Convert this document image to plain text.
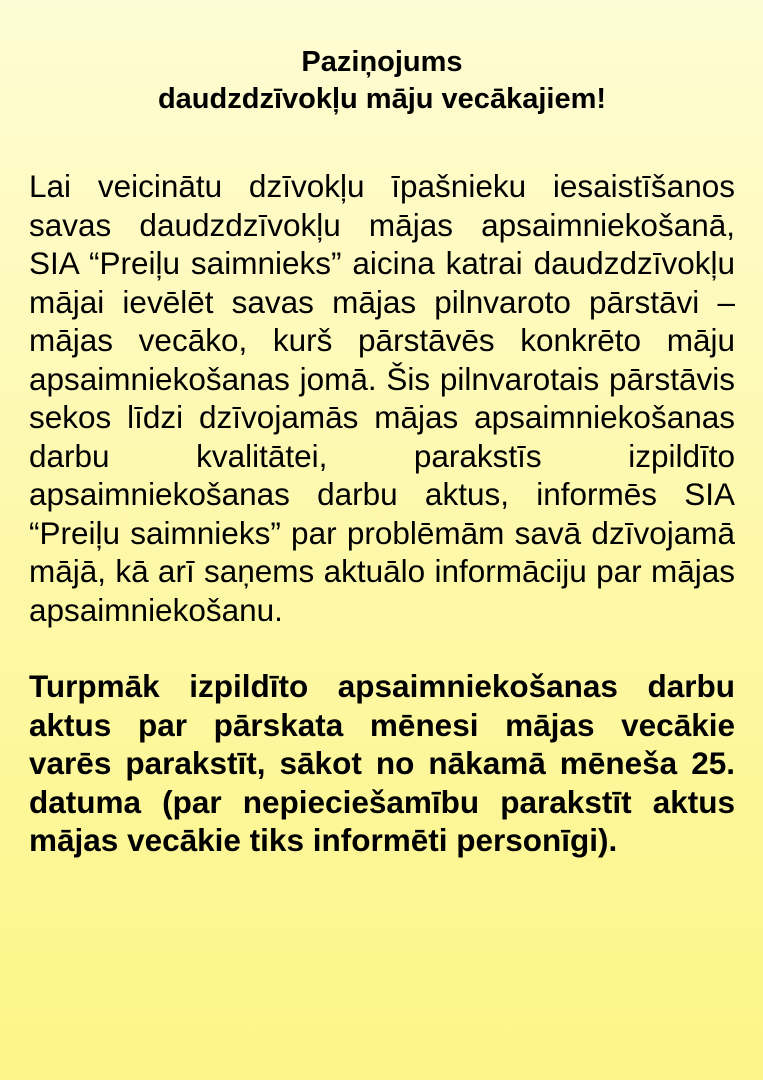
Paziņojums
daudzdzīvokļu māju vecākajiem!

Lai veicinātu dzīvokļu īpašnieku iesaistīšanos savas daudzdzīvokļu mājas apsaimniekošanā, SIA “Preiļu saimnieks” aicina katrai daudzdzīvokļu mājai ievēlēt savas mājas pilnvaroto pārstāvi – mājas vecāko, kurš pārstāvēs konkrēto māju apsaimniekošanas jomā. Šis pilnvarotais pārstāvis sekos līdzi dzīvojamās mājas apsaimniekošanas darbu kvalitātei, parakstīs izpildīto apsaimniekošanas darbu aktus, informēs SIA “Preiļu saimnieks” par problēmām savā dzīvojamā mājā, kā arī saņems aktuālo informāciju par mājas apsaimniekošanu.

Turpmāk izpildīto apsaimniekošanas darbu aktus par pārskata mēnesi mājas vecākie varēs parakstīt, sākot no nākamā mēneša 25. datuma (par nepieciešamību parakstīt aktus mājas vecākie tiks informēti personīgi).
